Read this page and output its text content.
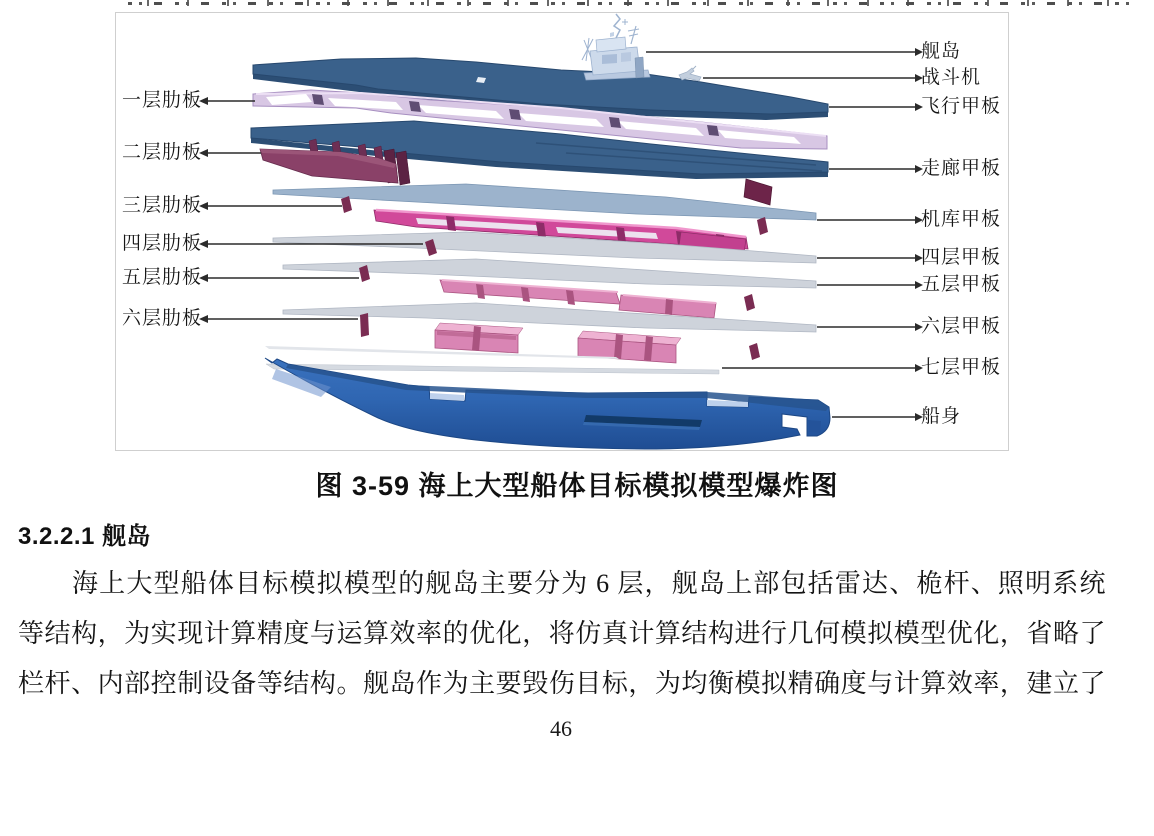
一层肋板
二层肋板
三层肋板
四层肋板
五层肋板
六层肋板
舰岛
战斗机
飞行甲板
走廊甲板
机库甲板
四层甲板
五层甲板
六层甲板
七层甲板
船身
图 3-59 海上大型船体目标模拟模型爆炸图
3.2.2.1 舰岛
海上大型船体目标模拟模型的舰岛主要分为 6 层，舰岛上部包括雷达、桅杆、照明系统
等结构，为实现计算精度与运算效率的优化，将仿真计算结构进行几何模拟模型优化，省略了
栏杆、内部控制设备等结构。舰岛作为主要毁伤目标，为均衡模拟精确度与计算效率，建立了
46
